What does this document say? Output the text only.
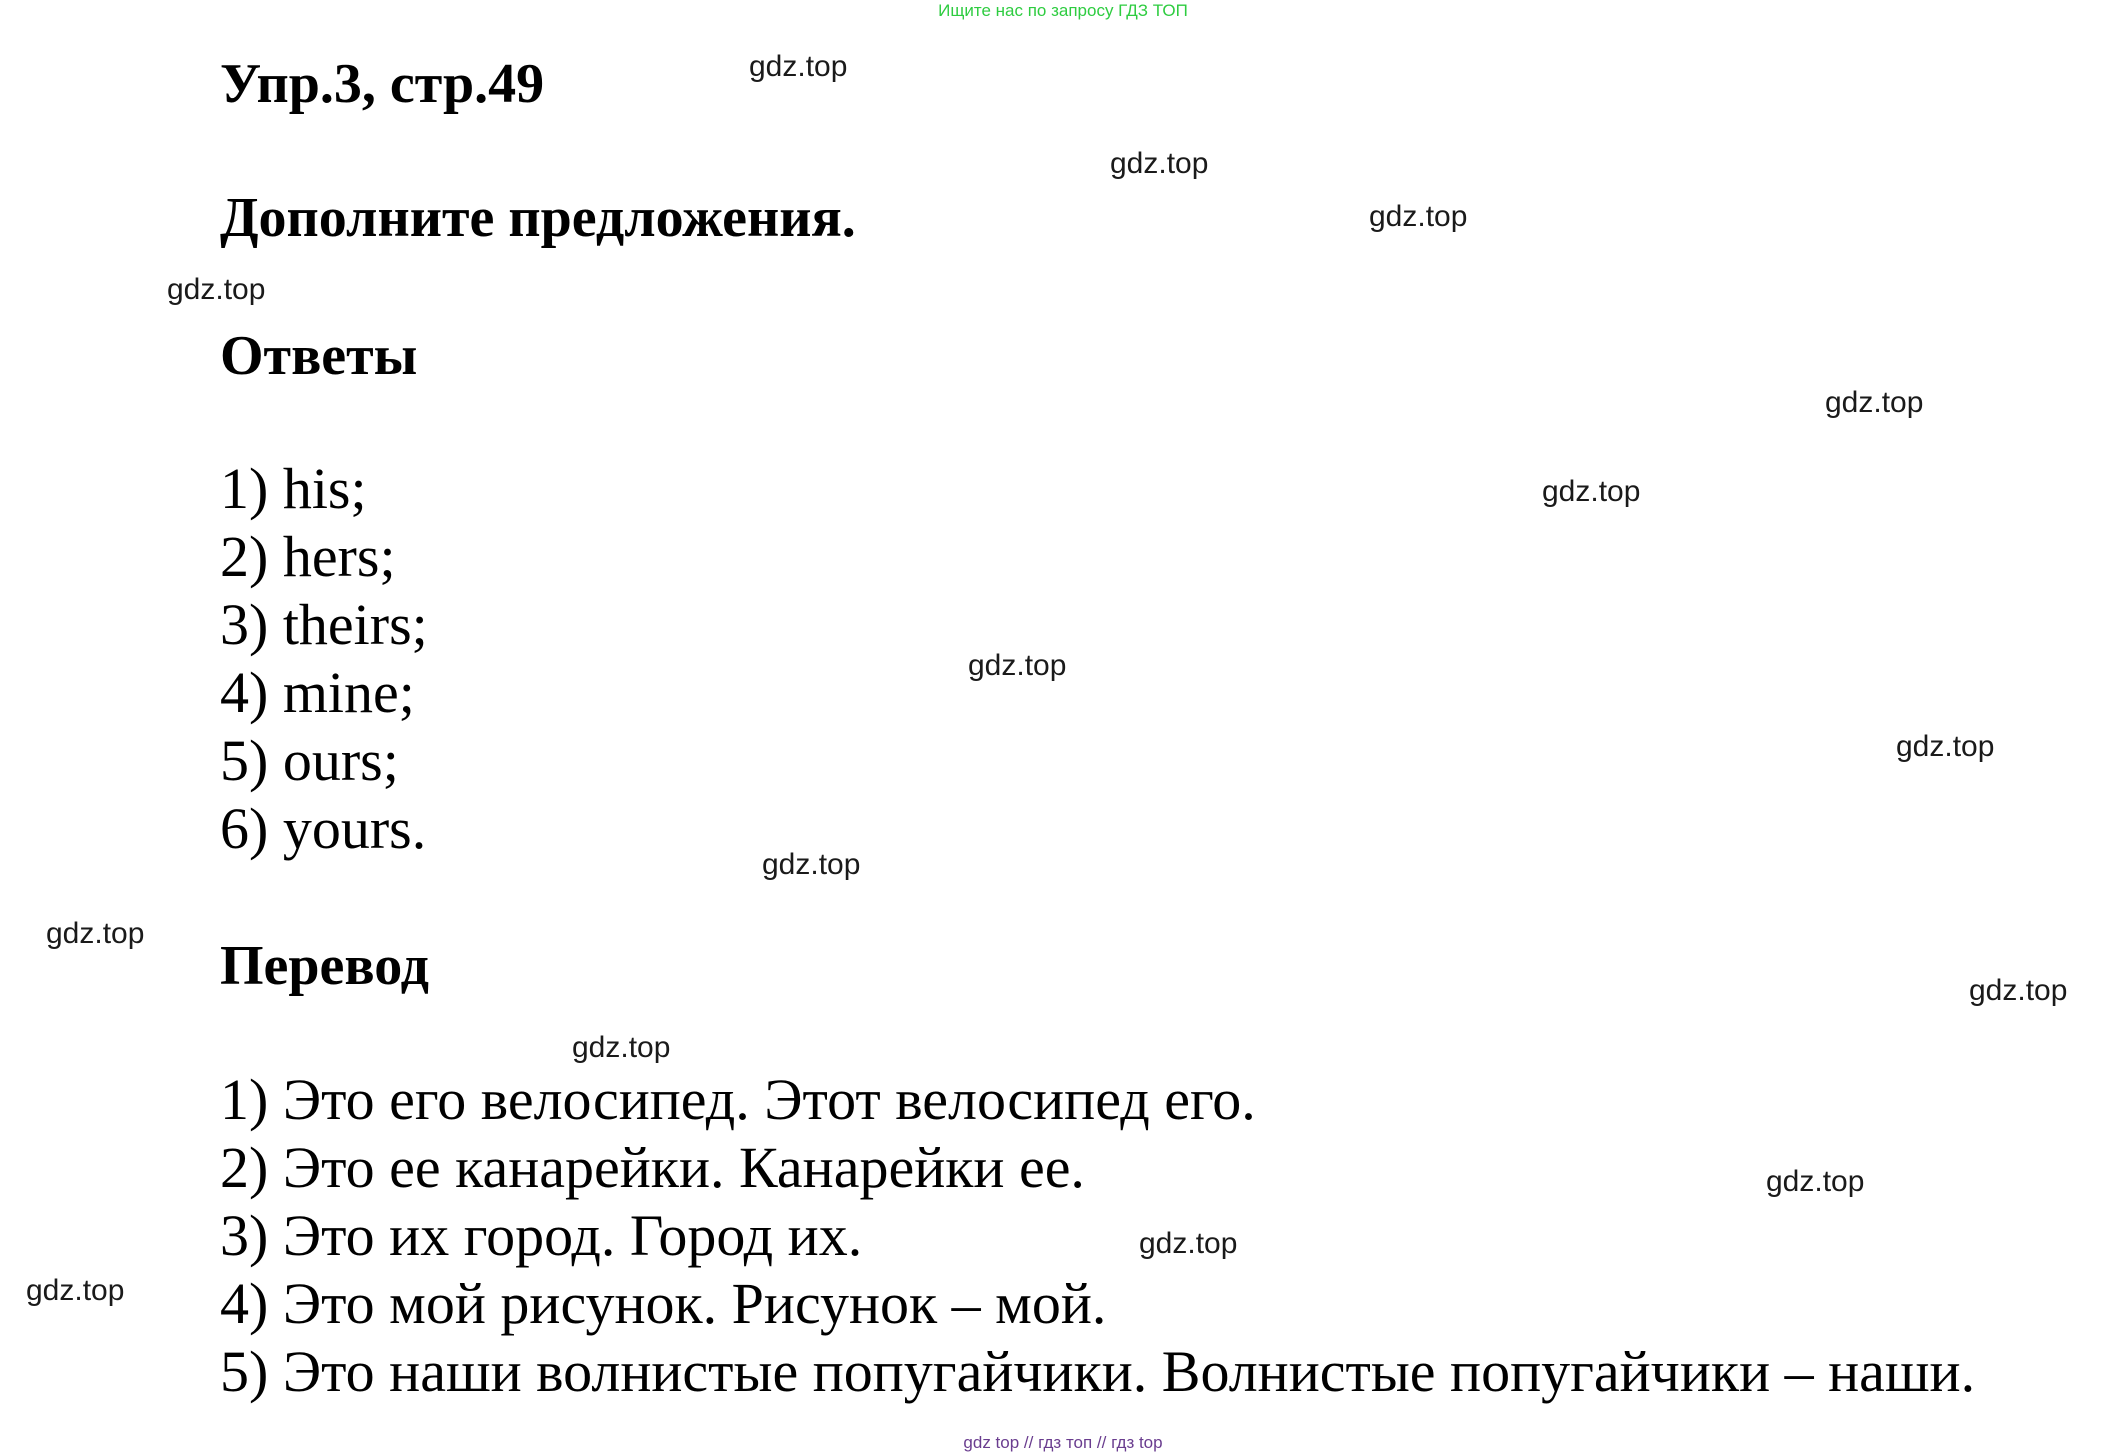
Ищите нас по запросу ГДЗ ТОП
Упр.3, стр.49
Дополните предложения.
Ответы
1) his;
2) hers;
3) theirs;
4) mine;
5) ours;
6) yours.
Перевод
1) Это его велосипед. Этот велосипед его.
2) Это ее канарейки. Канарейки ее.
3) Это их город. Город их.
4) Это мой рисунок. Рисунок – мой.
5) Это наши волнистые попугайчики. Волнистые попугайчики – наши.
gdz.top
gdz.top
gdz.top
gdz.top
gdz.top
gdz.top
gdz.top
gdz.top
gdz.top
gdz.top
gdz.top
gdz.top
gdz.top
gdz.top
gdz.top
gdz top // гдз топ // гдз top
